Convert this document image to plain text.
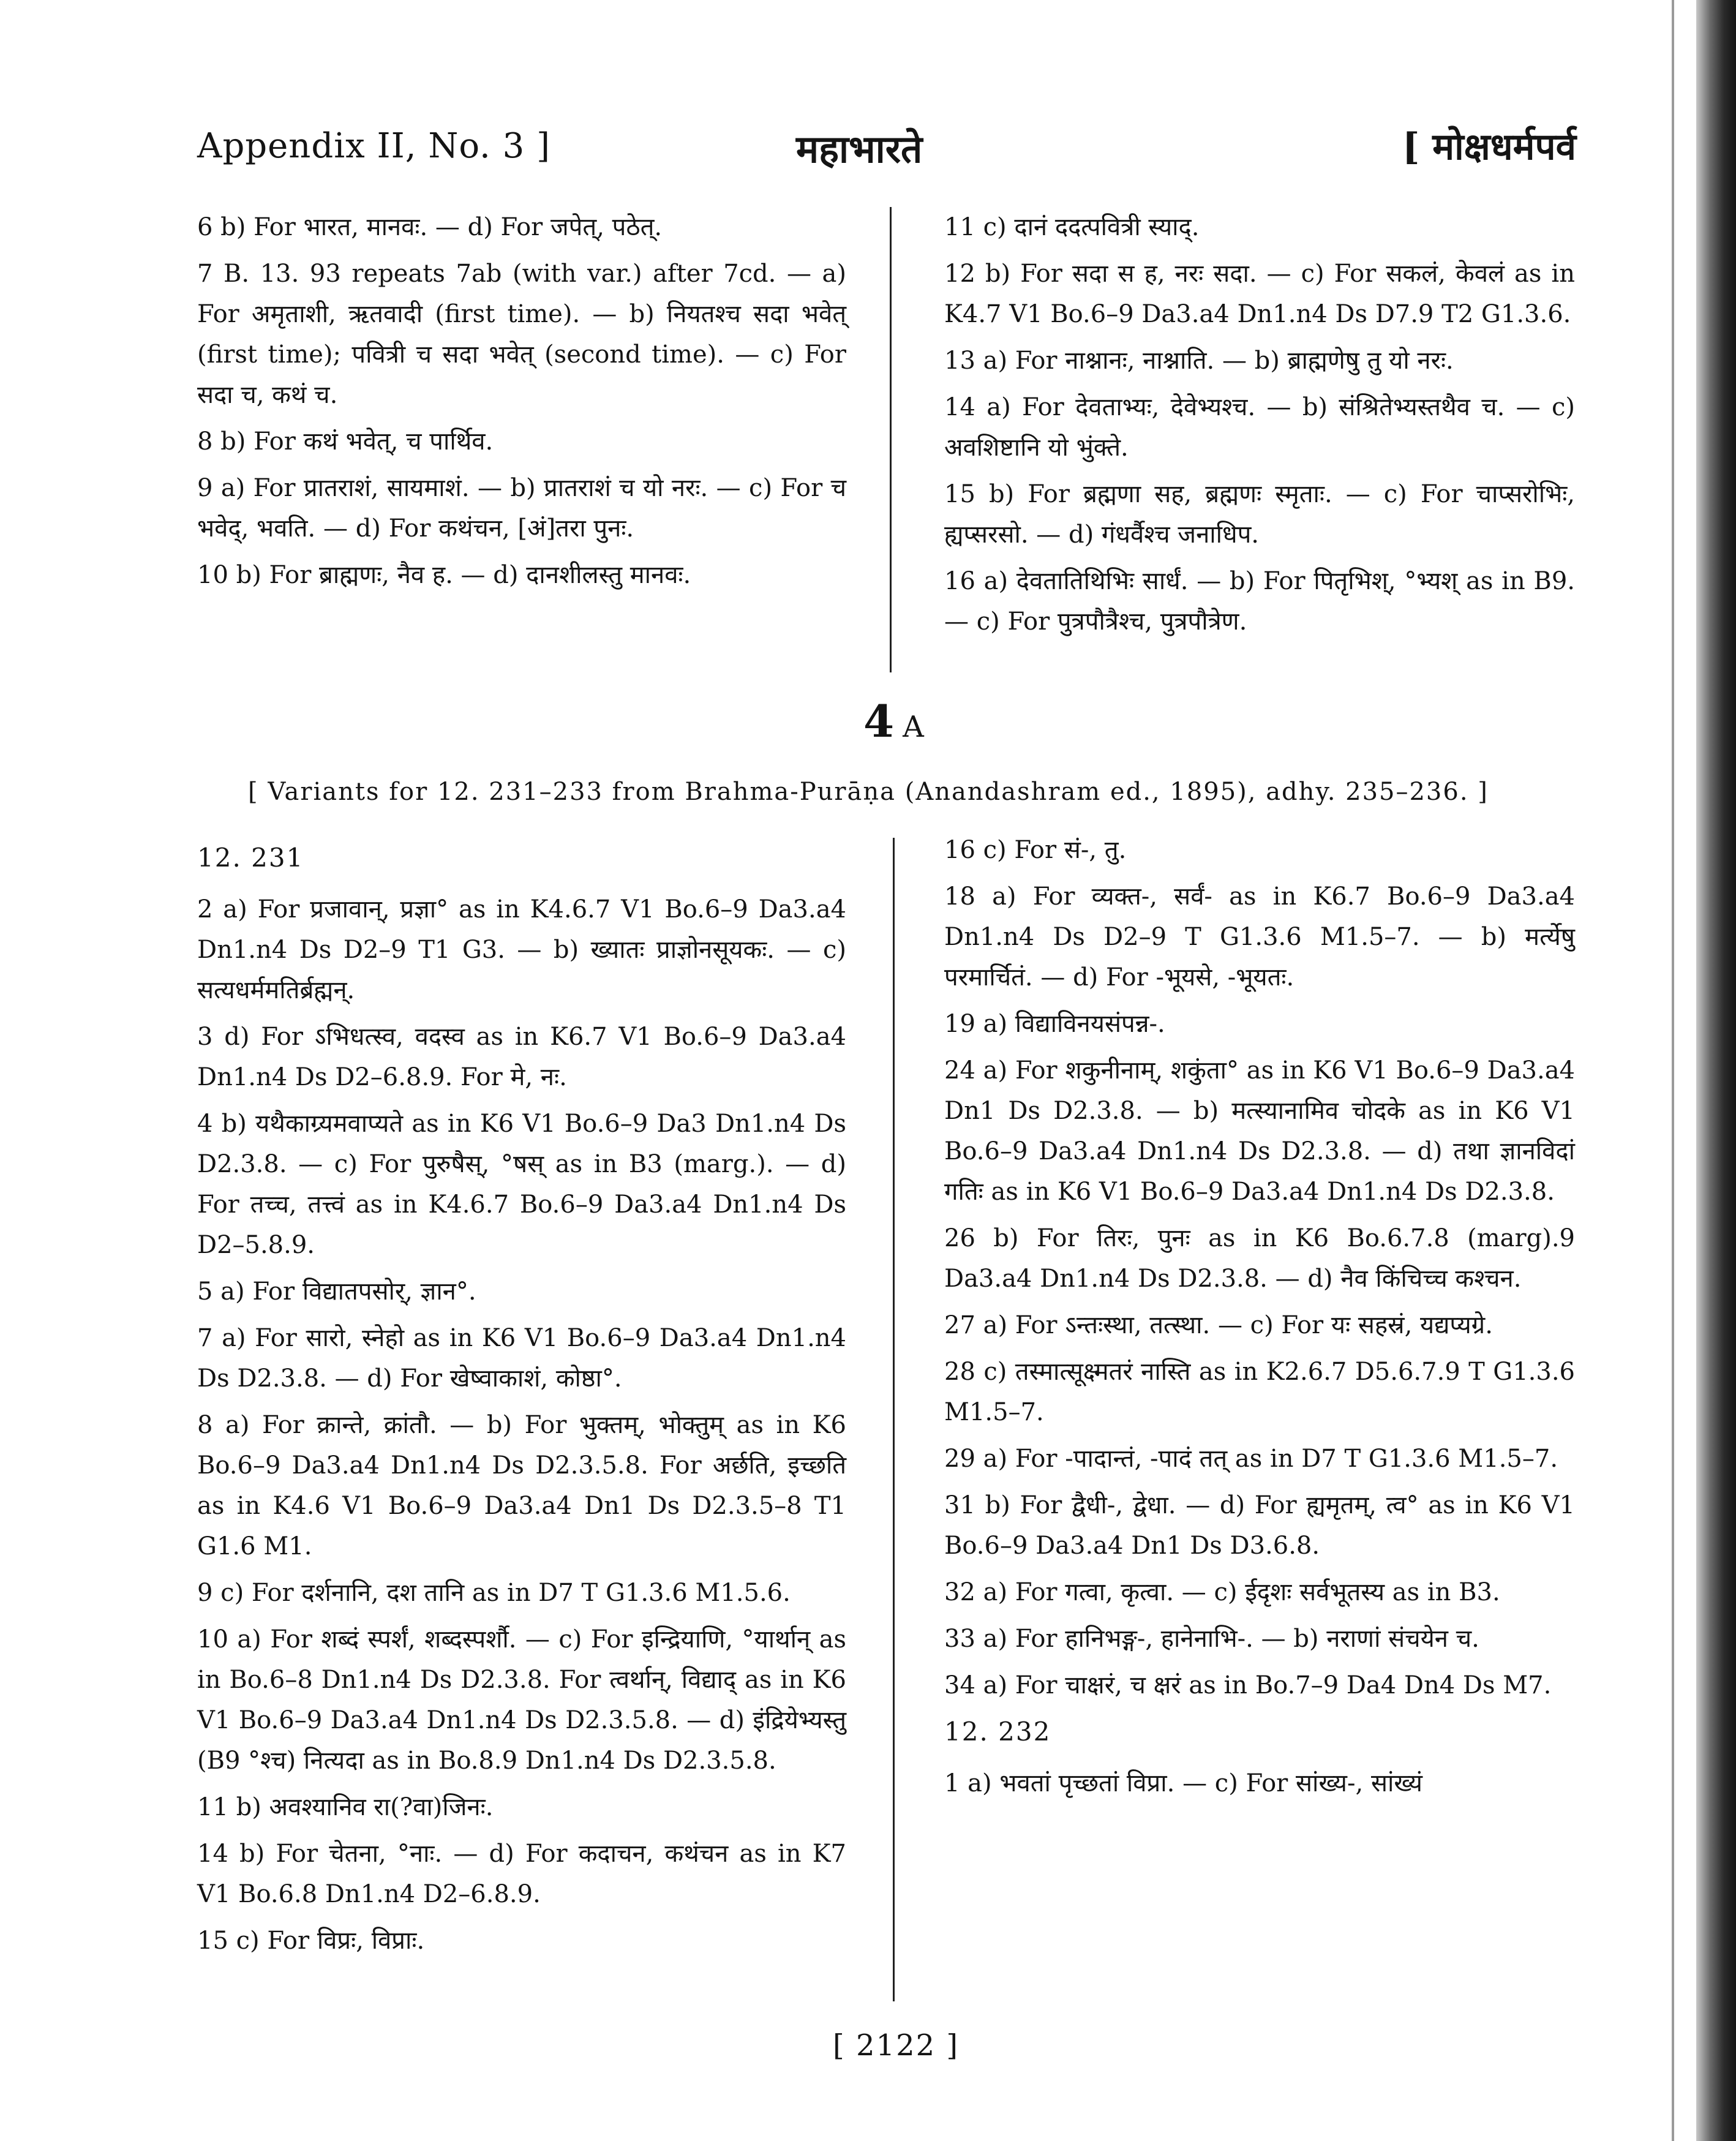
Appendix II, No. 3 ]	महाभारते	[ मोक्षधर्मपर्व

6 b) For भारत, मानवः. — d) For जपेत्, पठेत्.

7 B. 13. 93 repeats 7ab (with var.) after 7cd. — a) For अमृताशी, ऋतवादी (first time). — b) नियतश्च सदा भवेत् (first time); पवित्री च सदा भवेत् (second time). — c) For सदा च, कथं च.

8 b) For कथं भवेत्, च पार्थिव.

9 a) For प्रातराशं, सायमाशं. — b) प्रातराशं च यो नरः. — c) For च भवेद्, भवति. — d) For कथंचन, [अं]तरा पुनः.

10 b) For ब्राह्मणः, नैव ह. — d) दानशीलस्तु मानवः.

11 c) दानं ददत्पवित्री स्याद्.

12 b) For सदा स ह, नरः सदा. — c) For सकलं, केवलं as in K4.7 V1 Bo.6–9 Da3.a4 Dn1.n4 Ds D7.9 T2 G1.3.6.

13 a) For नाश्नानः, नाश्नाति. — b) ब्राह्मणेषु तु यो नरः.

14 a) For देवताभ्यः, देवेभ्यश्च. — b) संश्रितेभ्यस्तथैव च. — c) अवशिष्टानि यो भुंक्ते.

15 b) For ब्रह्मणा सह, ब्रह्मणः स्मृताः. — c) For चाप्सरोभिः, ह्यप्सरसो. — d) गंधर्वैश्च जनाधिप.

16 a) देवतातिथिभिः सार्धं. — b) For पितृभिश्, °भ्यश् as in B9. — c) For पुत्रपौत्रैश्च, पुत्रपौत्रेण.

4 A
[ Variants for 12. 231–233 from Brahma-Purāṇa (Anandashram ed., 1895), adhy. 235–236. ]

12. 231

2 a) For प्रजावान्, प्रज्ञा° as in K4.6.7 V1 Bo.6–9 Da3.a4 Dn1.n4 Ds D2–9 T1 G3. — b) ख्यातः प्राज्ञोनसूयकः. — c) सत्यधर्ममतिर्ब्रह्मन्.

3 d) For ऽभिधत्स्व, वदस्व as in K6.7 V1 Bo.6–9 Da3.a4 Dn1.n4 Ds D2–6.8.9. For मे, नः.

4 b) यथैकाग्र्यमवाप्यते as in K6 V1 Bo.6–9 Da3 Dn1.n4 Ds D2.3.8. — c) For पुरुषैस्, °षस् as in B3 (marg.). — d) For तच्च, तत्त्वं as in K4.6.7 Bo.6–9 Da3.a4 Dn1.n4 Ds D2–5.8.9.

5 a) For विद्यातपसोर्, ज्ञान°.

7 a) For सारो, स्नेहो as in K6 V1 Bo.6–9 Da3.a4 Dn1.n4 Ds D2.3.8. — d) For खेष्वाकाशं, कोष्ठा°.

8 a) For क्रान्ते, क्रांतौ. — b) For भुक्तम्, भोक्तुम् as in K6 Bo.6–9 Da3.a4 Dn1.n4 Ds D2.3.5.8. For अर्छति, इच्छति as in K4.6 V1 Bo.6–9 Da3.a4 Dn1 Ds D2.3.5–8 T1 G1.6 M1.

9 c) For दर्शनानि, दश तानि as in D7 T G1.3.6 M1.5.6.

10 a) For शब्दं स्पर्शं, शब्दस्पर्शौ. — c) For इन्द्रियाणि, °यार्थान् as in Bo.6–8 Dn1.n4 Ds D2.3.8. For त्वर्थान्, विद्याद् as in K6 V1 Bo.6–9 Da3.a4 Dn1.n4 Ds D2.3.5.8. — d) इंद्रियेभ्यस्तु (B9 °श्च) नित्यदा as in Bo.8.9 Dn1.n4 Ds D2.3.5.8.

11 b) अवश्यानिव रा(?वा)जिनः.

14 b) For चेतना, °नाः. — d) For कदाचन, कथंचन as in K7 V1 Bo.6.8 Dn1.n4 D2–6.8.9.

15 c) For विप्रः, विप्राः.

16 c) For सं-, तु.

18 a) For व्यक्त-, सर्वं- as in K6.7 Bo.6–9 Da3.a4 Dn1.n4 Ds D2–9 T G1.3.6 M1.5–7. — b) मर्त्येषु परमार्चितं. — d) For -भूयसे, -भूयतः.

19 a) विद्याविनयसंपन्न-.

24 a) For शकुनीनाम्, शकुंता° as in K6 V1 Bo.6–9 Da3.a4 Dn1 Ds D2.3.8. — b) मत्स्यानामिव चोदके as in K6 V1 Bo.6–9 Da3.a4 Dn1.n4 Ds D2.3.8. — d) तथा ज्ञानविदां गतिः as in K6 V1 Bo.6–9 Da3.a4 Dn1.n4 Ds D2.3.8.

26 b) For तिरः, पुनः as in K6 Bo.6.7.8 (marg).9 Da3.a4 Dn1.n4 Ds D2.3.8. — d) नैव किंचिच्च कश्चन.

27 a) For ऽन्तःस्था, तत्स्था. — c) For यः सहस्रं, यद्यप्यग्रे.

28 c) तस्मात्सूक्ष्मतरं नास्ति as in K2.6.7 D5.6.7.9 T G1.3.6 M1.5–7.

29 a) For -पादान्तं, -पादं तत् as in D7 T G1.3.6 M1.5–7.

31 b) For द्वैधी-, द्वेधा. — d) For ह्यमृतम्, त्व° as in K6 V1 Bo.6–9 Da3.a4 Dn1 Ds D3.6.8.

32 a) For गत्वा, कृत्वा. — c) ईदृशः सर्वभूतस्य as in B3.

33 a) For हानिभङ्ग-, हानेनाभि-. — b) नराणां संचयेन च.

34 a) For चाक्षरं, च क्षरं as in Bo.7–9 Da4 Dn4 Ds M7.

12. 232

1 a) भवतां पृच्छतां विप्रा. — c) For सांख्य-, सांख्यं

[ 2122 ]
